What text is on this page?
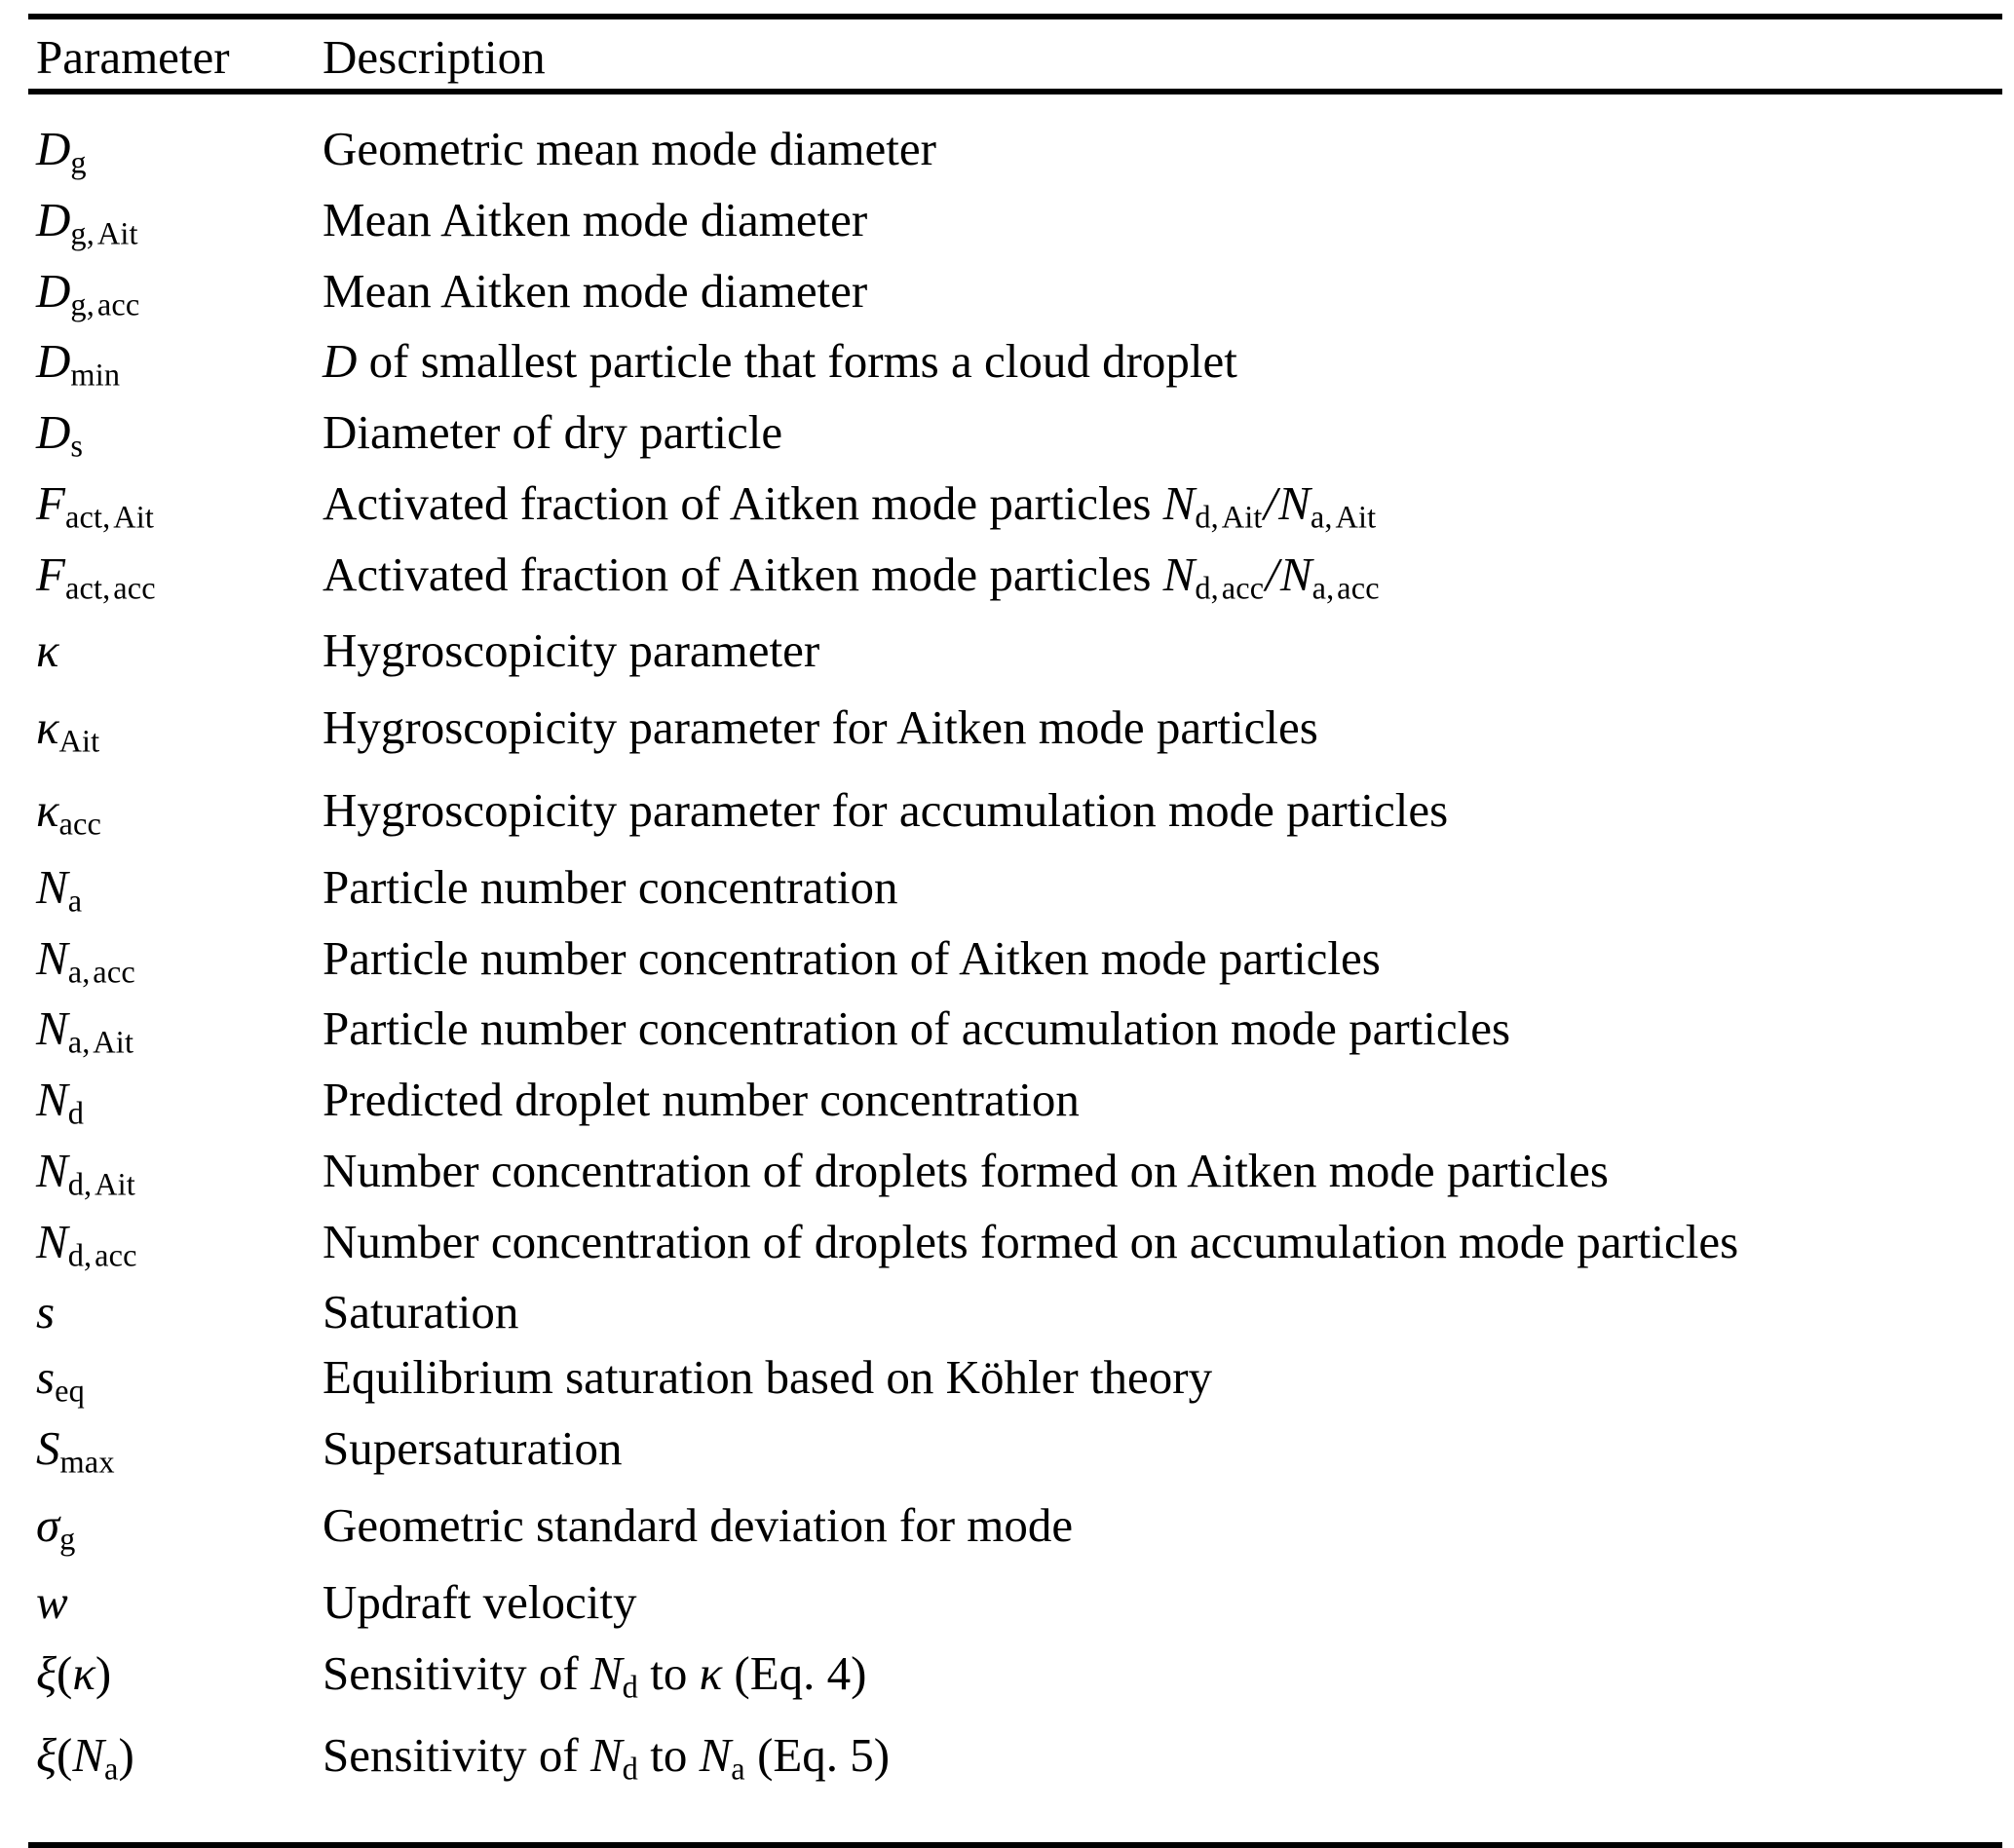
Parameter	Description

$D_g$	Geometric mean mode diameter
$D_{g, Ait}$	Mean Aitken mode diameter
$D_{g, acc}$	Mean Aitken mode diameter
$D_{min}$	D of smallest particle that forms a cloud droplet
$D_s$	Diameter of dry particle
$F_{act, Ait}$	Activated fraction of Aitken mode particles $N_{d, Ait}/N_{a, Ait}$
$F_{act, acc}$	Activated fraction of Aitken mode particles $N_{d, acc}/N_{a, acc}$
κ	Hygroscopicity parameter
$\kappa_{Ait}$	Hygroscopicity parameter for Aitken mode particles
$\kappa_{acc}$	Hygroscopicity parameter for accumulation mode particles
$N_a$	Particle number concentration
$N_{a, acc}$	Particle number concentration of Aitken mode particles
$N_{a, Ait}$	Particle number concentration of accumulation mode particles
$N_d$	Predicted droplet number concentration
$N_{d, Ait}$	Number concentration of droplets formed on Aitken mode particles
$N_{d, acc}$	Number concentration of droplets formed on accumulation mode particles
s	Saturation
$s_{eq}$	Equilibrium saturation based on Köhler theory
$S_{max}$	Supersaturation
$\sigma_g$	Geometric standard deviation for mode
w	Updraft velocity
ξ(κ)	Sensitivity of $N_d$ to κ (Eq. 4)
$\xi(N_a)$	Sensitivity of $N_d$ to $N_a$ (Eq. 5)
